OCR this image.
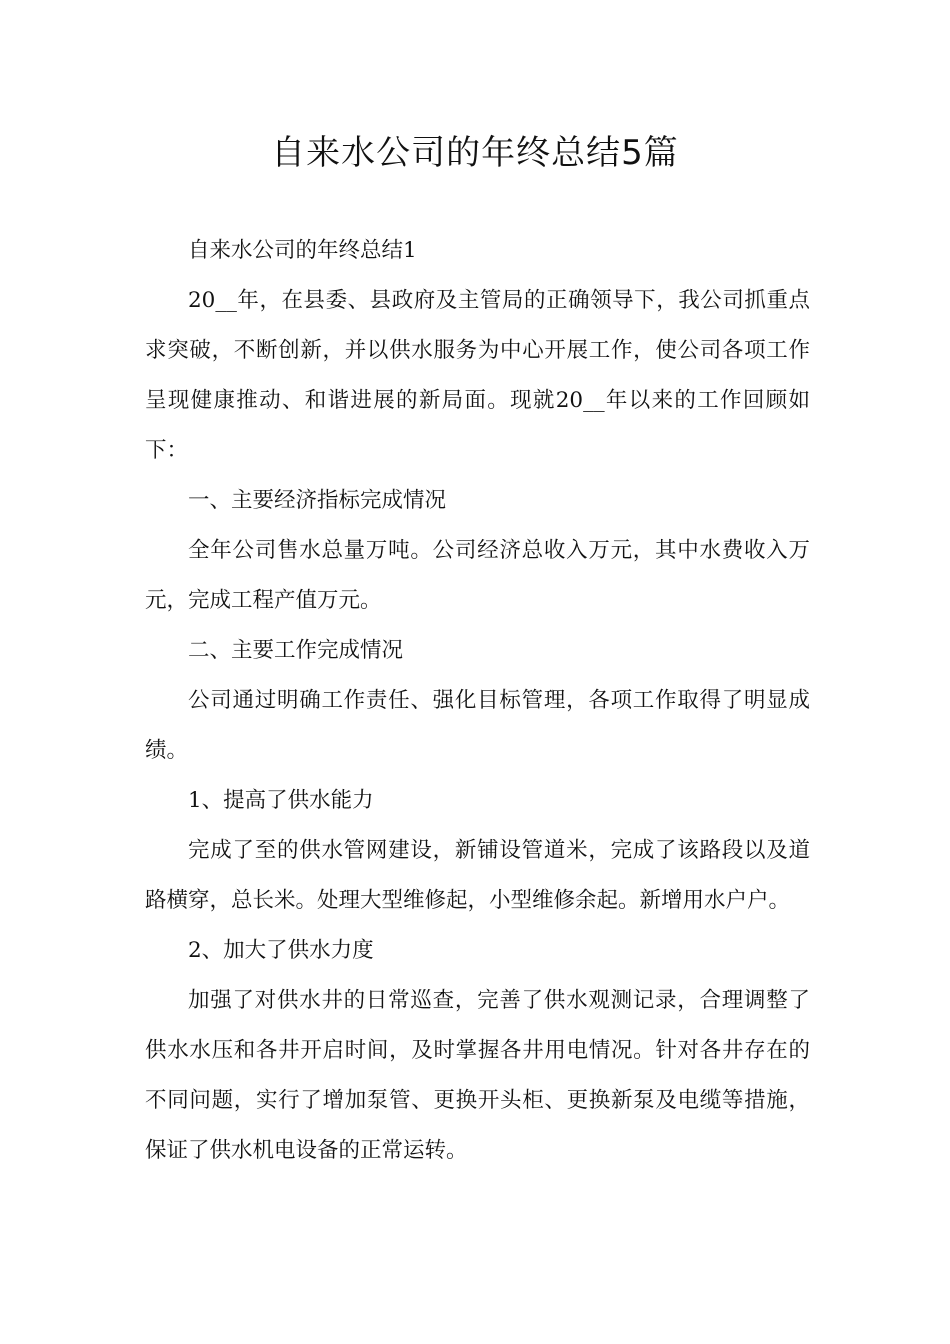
自来水公司的年终总结5篇

自来水公司的年终总结1

20__年，在县委、县政府及主管局的正确领导下，我公司抓重点求突破，不断创新，并以供水服务为中心开展工作，使公司各项工作呈现健康推动、和谐进展的新局面。现就20__年以来的工作回顾如下：

一、主要经济指标完成情况

全年公司售水总量万吨。公司经济总收入万元，其中水费收入万元，完成工程产值万元。

二、主要工作完成情况

公司通过明确工作责任、强化目标管理，各项工作取得了明显成绩。

1、提高了供水能力

完成了至的供水管网建设，新铺设管道米，完成了该路段以及道路横穿，总长米。处理大型维修起，小型维修余起。新增用水户户。

2、加大了供水力度

加强了对供水井的日常巡查，完善了供水观测记录，合理调整了供水水压和各井开启时间，及时掌握各井用电情况。针对各井存在的不同问题，实行了增加泵管、更换开头柜、更换新泵及电缆等措施，保证了供水机电设备的正常运转。
